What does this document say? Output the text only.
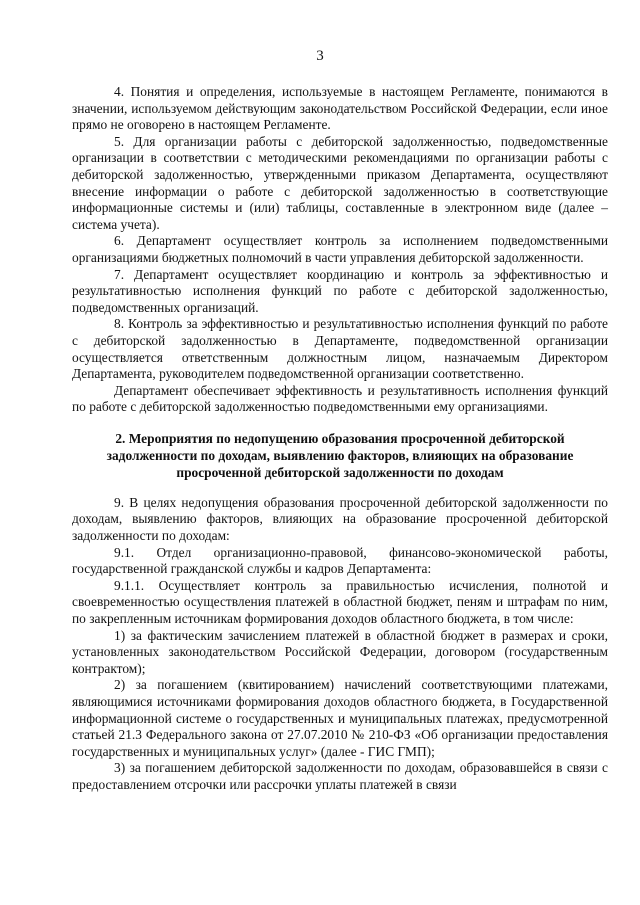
3

4. Понятия и определения, используемые в настоящем Регламенте, понимаются в значении, используемом действующим законодательством Российской Федерации, если иное прямо не оговорено в настоящем Регламенте.

5. Для организации работы с дебиторской задолженностью, подведомственные организации в соответствии с методическими рекомендациями по организации работы с дебиторской задолженностью, утвержденными приказом Департамента, осуществляют внесение информации о работе с дебиторской задолженностью в соответствующие информационные системы и (или) таблицы, составленные в электронном виде (далее – система учета).

6. Департамент осуществляет контроль за исполнением подведомственными организациями бюджетных полномочий в части управления дебиторской задолженности.

7. Департамент осуществляет координацию и контроль за эффективностью и результативностью исполнения функций по работе с дебиторской задолженностью, подведомственных организаций.

8. Контроль за эффективностью и результативностью исполнения функций по работе с дебиторской задолженностью в Департаменте, подведомственной организации осуществляется ответственным должностным лицом, назначаемым Директором Департамента, руководителем подведомственной организации соответственно.

Департамент обеспечивает эффективность и результативность исполнения функций по работе с дебиторской задолженностью подведомственными ему организациями.

2. Мероприятия по недопущению образования просроченной дебиторской задолженности по доходам, выявлению факторов, влияющих на образование просроченной дебиторской задолженности по доходам

9. В целях недопущения образования просроченной дебиторской задолженности по доходам, выявлению факторов, влияющих на образование просроченной дебиторской задолженности по доходам:

9.1. Отдел организационно-правовой, финансово-экономической работы, государственной гражданской службы и кадров Департамента:

9.1.1. Осуществляет контроль за правильностью исчисления, полнотой и своевременностью осуществления платежей в областной бюджет, пеням и штрафам по ним, по закрепленным источникам формирования доходов областного бюджета, в том числе:

1) за фактическим зачислением платежей в областной бюджет в размерах и сроки, установленных законодательством Российской Федерации, договором (государственным контрактом);

2) за погашением (квитированием) начислений соответствующими платежами, являющимися источниками формирования доходов областного бюджета, в Государственной информационной системе о государственных и муниципальных платежах, предусмотренной статьей 21.3 Федерального закона от 27.07.2010 № 210-ФЗ «Об организации предоставления государственных и муниципальных услуг» (далее - ГИС ГМП);

3) за погашением дебиторской задолженности по доходам, образовавшейся в связи с предоставлением отсрочки или рассрочки уплаты платежей в связи
